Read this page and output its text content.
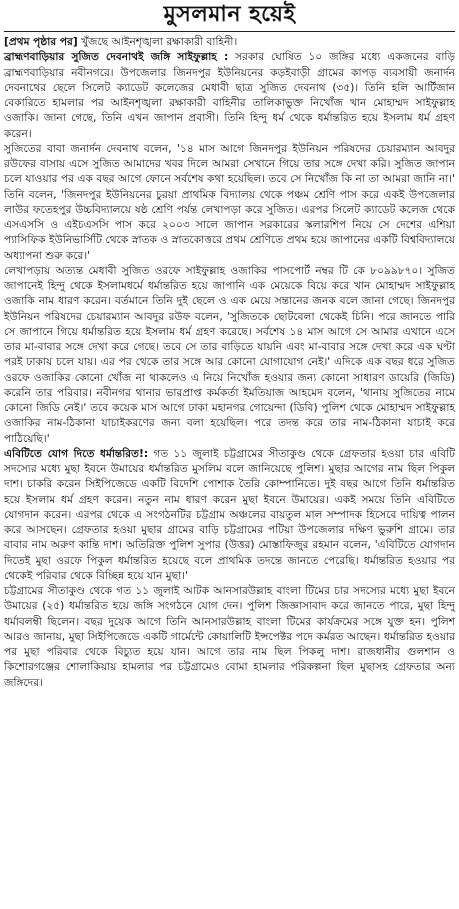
মুসলমান হয়েই

[প্রথম পৃষ্ঠার পর] খুঁজছে আইনশৃঙ্খলা রক্ষাকারী বাহিনী।

ব্রাহ্মণবাড়িয়ার সুজিত দেবনাথই জঙ্গি সাইফুল্লাহ : সরকার ঘোষিত ১০ জঙ্গির মধ্যে একজনের বাড়ি ব্রাহ্মণবাড়িয়ার নবীনগরে। উপজেলার জিনদপুর ইউনিয়নের কড়ইবাড়ী গ্রামের কাপড় ব্যবসায়ী জনার্দন দেবনাথের ছেলে সিলেট ক্যাডেট কলেজের মেধাবী ছাত্র সুজিত দেবনাথ (৩৫)। তিনি হলি আর্টিজান বেকারিতে হামলার পর আইনশৃঙ্খলা রক্ষাকারী বাহিনীর তালিকাভুক্ত নিখোঁজ খান মোহাম্মদ সাইফুল্লাহ ওজাকি। জানা গেছে, তিনি এখন জাপান প্রবাসী। তিনি হিন্দু ধর্ম থেকে ধর্মান্তরিত হয়ে ইসলাম ধর্ম গ্রহণ করেন।

সুজিতের বাবা জনার্দন দেবনাথ বলেন, '১৪ মাস আগে জিনদপুর ইউনিয়ন পরিষদের চেয়ারম্যান আবদুর রউফের বাসায় এসে সুজিত আমাদের খবর দিলে আমরা সেখানে গিয়ে তার সঙ্গে দেখা করি। সুজিত জাপান চলে যাওয়ার পর এক বছর আগে ফোনে সর্বশেষ কথা হয়েছিল। তবে সে নিখোঁজ কি না তা আমরা জানি না।' তিনি বলেন, 'জিনদপুর ইউনিয়নের চুরয়া প্রাথমিক বিদ্যালয় থেকে পঞ্চম শ্রেণি পাস করে একই উপজেলার লাউর ফতেহপুর উচ্চবিদ্যালয়ে ষষ্ঠ শ্রেণি পর্যন্ত লেখাপড়া করে সুজিত। এরপর সিলেট ক্যাডেট কলেজ থেকে এসএসসি ও এইচএসসি পাস করে ২০০৩ সালে জাপান সরকারের স্কলারশিপ নিয়ে সে দেশের এশিয়া প্যাসিফিক ইউনিভার্সিটি থেকে স্নাতক ও স্নাতকোত্তরে প্রথম শ্রেণিতে প্রথম হয়ে জাপানের একটি বিশ্ববিদ্যালয়ে অধ্যাপনা শুরু করে।'

লেখাপড়ায় অত্যন্ত মেধাবী সুজিত ওরফে সাইফুল্লাহ ওজাকির পাসপোর্ট নম্বর টি কে ৮০৯৯৮৭০। সুজিত জাপানেই হিন্দু থেকে ইসলামধর্মে ধর্মান্তরিত হয়ে জাপানি এক মেয়েকে বিয়ে করে খান মোহাম্মদ সাইফুল্লাহ ওজাকি নাম ধারণ করেন। বর্তমানে তিনি দুই ছেলে ও এক মেয়ে সন্তানের জনক বলে জানা গেছে। জিনদপুর ইউনিয়ন পরিষদের চেয়ারম্যান আবদুর রউফ বলেন, 'সুজিতকে ছোটবেলা থেকেই চিনি। পরে জানতে পারি সে জাপানে গিয়ে ধর্মান্তরিত হয়ে ইসলাম ধর্ম গ্রহণ করেছে। সর্বশেষ ১৪ মাস আগে সে আমার এখানে এসে তার মা-বাবার সঙ্গে দেখা করে গেছে। তবে সে তার বাড়িতে যায়নি এবং মা-বাবার সঙ্গে দেখা করে এক ঘণ্টা পরই ঢাকায় চলে যায়। এর পর থেকে তার সঙ্গে আর কোনো যোগাযোগ নেই।' এদিকে এক বছর ধরে সুজিত ওরফে ওজাকির কোনো খোঁজ না থাকলেও এ নিয়ে নিখোঁজ হওয়ার জন্য কোনো সাধারণ ডায়েরি (জিডি) করেনি তার পরিবার। নবীনগর থানার ভারপ্রাপ্ত কর্মকর্তা ইমতিয়াজ আহমেদ বলেন, 'থানায় সুজিতের নামে কোনো জিডি নেই।' তবে কয়েক মাস আগে ঢাকা মহানগর গোয়েন্দা (ডিবি) পুলিশ থেকে মোহাম্মদ সাইফুল্লাহ ওজাকির নাম-ঠিকানা যাচাইকরণের জন্য বলা হয়েছিল। পরে তদন্ত করে তার নাম-ঠিকানা যাচাই করে পাঠিয়েছি।'

এবিটিতে যোগ দিতে ধর্মান্তরিত!: গত ১১ জুলাই চট্টগ্রামের সীতাকুণ্ড থেকে গ্রেফতার হওয়া চার এবিটি সদস্যের মধ্যে মুছা ইবনে উমায়ের ধর্মান্তরিত মুসলিম বলে জানিয়েছে পুলিশ। মুছার আগের নাম ছিল পিকুল দাশ। চাকরি করেন সিইপিজেডে একটি বিদেশি পোশাক তৈরি কোম্পানিতে। দুই বছর আগে তিনি ধর্মান্তরিত হয়ে ইসলাম ধর্ম গ্রহণ করেন। নতুন নাম ধারণ করেন মুছা ইবনে উমায়ের। একই সময়ে তিনি এবিটিতে যোগদান করেন। এরপর থেকে এ সংগঠনটির চট্টগ্রাম অঞ্চলের বায়তুল মাল সম্পাদক হিসেবে দায়িত্ব পালন করে আসছেন। গ্রেফতার হওয়া মুছার গ্রামের বাড়ি চট্টগ্রামের পটিয়া উপজেলার দক্ষিণ ভুরুশি গ্রামে। তার বাবার নাম অরুণ কান্তি দাশ। অতিরিক্ত পুলিশ সুপার (উত্তর) মোস্তাফিজুর রহমান বলেন, 'এবিটিতে যোগদান দিতেই মুছা ওরফে পিকুল ধর্মান্তরিত হয়েছে বলে প্রাথমিক তদন্তে জানতে পেরেছি। ধর্মান্তরিত হওয়ার পর থেকেই পরিবার থেকে বিচ্ছিন্ন হয়ে যান মুছা।'

চট্টগ্রামের সীতাকুণ্ড থেকে গত ১১ জুলাই আটক আনসারউল্লাহ বাংলা টিমের চার সদস্যের মধ্যে মুছা ইবনে উমায়ের (২৫) ধর্মান্তরিত হয়ে জঙ্গি সংগঠনে যোগ দেন। পুলিশ জিজ্ঞাসাবাদ করে জানতে পারে, মুছা হিন্দু ধর্মাবলম্বী ছিলেন। বছর দুয়েক আগে তিনি আনসারউল্লাহ বাংলা টিমের কার্যক্রমের সঙ্গে যুক্ত হন। পুলিশ আরও জানায়, মুছা সিইপিজেডে একটি গার্মেন্টে কোয়ালিটি ইন্সপেক্টর পদে কর্মরত আছেন। ধর্মান্তরিত হওয়ার পর মুছা পরিবার থেকে বিচ্যুত হয়ে যান। আগে তার নাম ছিল পিকলু দাশ। রাজধানীর গুলশান ও কিশোরগঞ্জের শোলাকিয়ায় হামলার পর চট্টগ্রামেও বোমা হামলার পরিকল্পনা ছিল মুছাসহ গ্রেফতার অন্য জঙ্গিদের।
